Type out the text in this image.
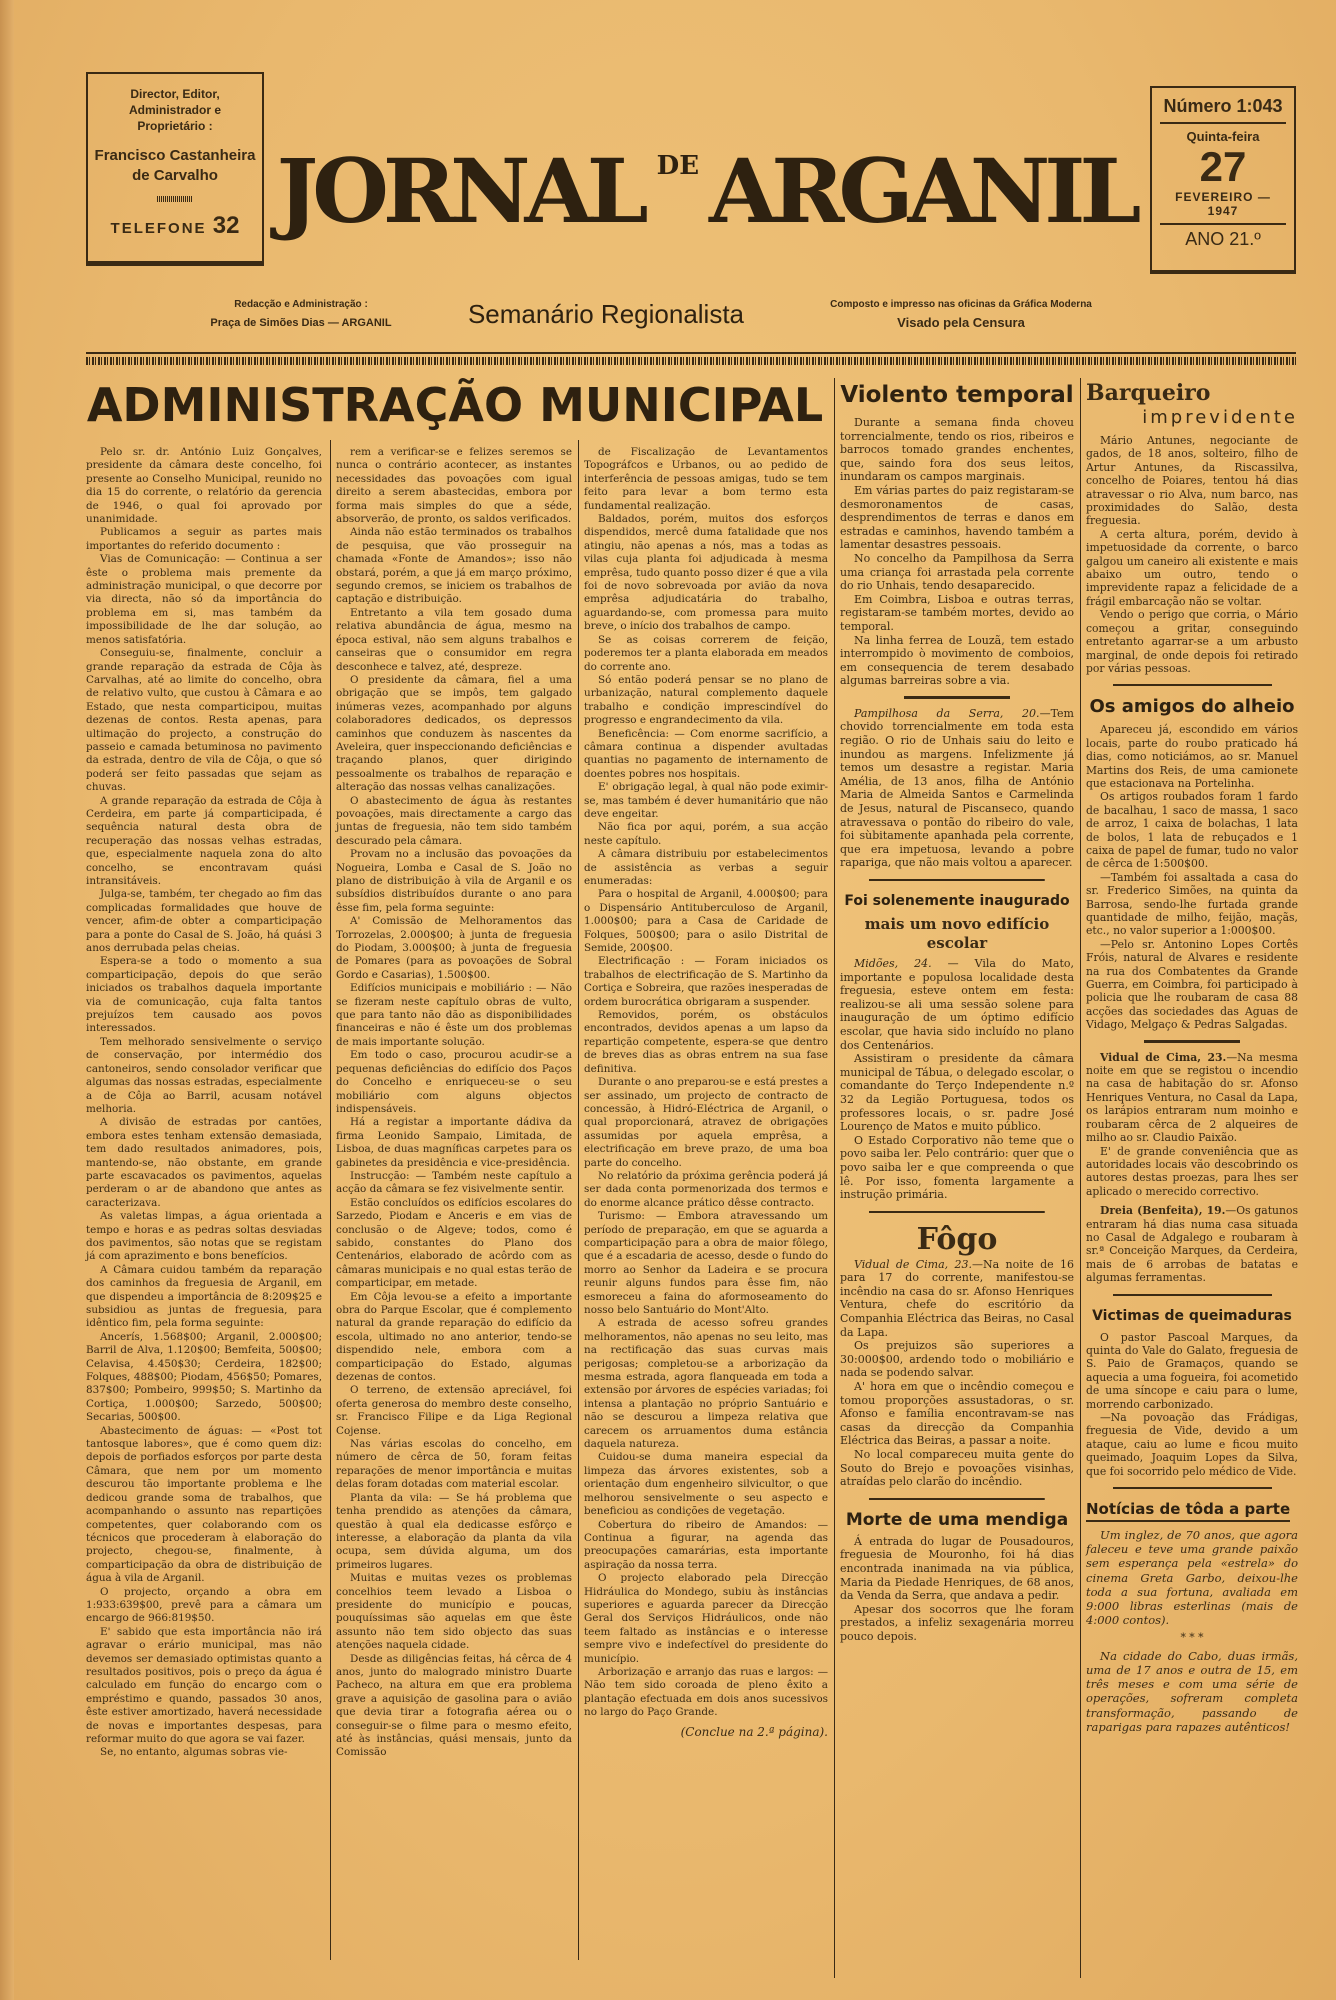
Director, Editor, Administrador e Proprietário :
Francisco Castanheira de Carvalho
TELEFONE 32 JORNAL DE ARGANIL
Número 1:043
Quinta-feira
27
FEVEREIRO — 1947
ANO 21.º
Redacção e Administração :
Praça de Simões Dias — ARGANIL	Semanário Regionalista	Composto e impresso nas oficinas da Gráfica Moderna
Visado pela Censura
ADMINISTRAÇÃO MUNICIPAL

Pelo sr. dr. António Luiz Gonçalves, presidente da câmara deste concelho, foi presente ao Conselho Municipal, reunido no dia 15 do corrente, o relatório da gerencia de 1946, o qual foi aprovado por unanimidade.

Publicamos a seguir as partes mais importantes do referido documento :

Vias de Comunicação: — Continua a ser êste o problema mais premente da administração municipal, o que decorre por via directa, não só da importância do problema em si, mas também da impossibilidade de lhe dar solução, ao menos satisfatória.

Conseguiu-se, finalmente, concluir a grande reparação da estrada de Côja às Carvalhas, até ao limite do concelho, obra de relativo vulto, que custou à Câmara e ao Estado, que nesta comparticipou, muitas dezenas de contos. Resta apenas, para ultimação do projecto, a construção do passeio e camada betuminosa no pavimento da estrada, dentro de vila de Côja, o que só poderá ser feito passadas que sejam as chuvas.

A grande reparação da estrada de Côja à Cerdeira, em parte já comparticipada, é sequência natural desta obra de recuperação das nossas velhas estradas, que, especialmente naquela zona do alto concelho, se encontravam quási intransitáveis.

Julga-se, também, ter chegado ao fim das complicadas formalidades que houve de vencer, afim-de obter a comparticipação para a ponte do Casal de S. João, há quási 3 anos derrubada pelas cheias.

Espera-se a todo o momento a sua comparticipação, depois do que serão iniciados os trabalhos daquela importante via de comunicação, cuja falta tantos prejuízos tem causado aos povos interessados.

Tem melhorado sensivelmente o serviço de conservação, por intermédio dos cantoneiros, sendo consolador verificar que algumas das nossas estradas, especialmente a de Côja ao Barril, acusam notável melhoria.

A divisão de estradas por cantões, embora estes tenham extensão demasiada, tem dado resultados animadores, pois, mantendo-se, não obstante, em grande parte escavacados os pavimentos, aquelas perderam o ar de abandono que antes as caracterizava.

As valetas limpas, a água orientada a tempo e horas e as pedras soltas desviadas dos pavimentos, são notas que se registam já com aprazimento e bons benefícios.

A Câmara cuidou também da reparação dos caminhos da freguesia de Arganil, em que dispendeu a importância de 8:209$25 e subsidiou as juntas de freguesia, para idêntico fim, pela forma seguinte:

Ancerís, 1.568$00; Arganil, 2.000$00; Barril de Alva, 1.120$00; Bemfeita, 500$00; Celavisa, 4.450$30; Cerdeira, 182$00; Folques, 488$00; Piodam, 456$50; Pomares, 837$00; Pombeiro, 999$50; S. Martinho da Cortiça, 1.000$00; Sarzedo, 500$00; Secarias, 500$00.

Abastecimento de águas: — «Post tot tantosque labores», que é como quem diz: depois de porfiados esforços por parte desta Câmara, que nem por um momento descurou tão importante problema e lhe dedicou grande soma de trabalhos, que acompanhando o assunto nas repartições competentes, quer colaborando com os técnicos que procederam à elaboração do projecto, chegou-se, finalmente, à comparticipação da obra de distribuição de água à vila de Arganil.

O projecto, orçando a obra em 1:933:639$00, prevê para a câmara um encargo de 966:819$50.

E' sabido que esta importância não irá agravar o erário municipal, mas não devemos ser demasiado optimistas quanto a resultados positivos, pois o preço da água é calculado em função do encargo com o empréstimo e quando, passados 30 anos, êste estiver amortizado, haverá necessidade de novas e importantes despesas, para reformar muito do que agora se vai fazer.

Se, no entanto, algumas sobras vie-

rem a verificar-se e felizes seremos se nunca o contrário acontecer, as instantes necessidades das povoações com igual direito a serem abastecidas, embora por forma mais simples do que a séde, absorverão, de pronto, os saldos verificados.

Ainda não estão terminados os trabalhos de pesquisa, que vão prosseguir na chamada «Fonte de Amandos»; isso não obstará, porém, a que já em março próximo, segundo cremos, se iniciem os trabalhos de captação e distribuição.

Entretanto a vila tem gosado duma relativa abundância de água, mesmo na época estival, não sem alguns trabalhos e canseiras que o consumidor em regra desconhece e talvez, até, despreze.

O presidente da câmara, fiel a uma obrigação que se impôs, tem galgado inúmeras vezes, acompanhado por alguns colaboradores dedicados, os depressos caminhos que conduzem às nascentes da Aveleira, quer inspeccionando deficiências e traçando planos, quer dirigindo pessoalmente os trabalhos de reparação e alteração das nossas velhas canalizações.

O abastecimento de água às restantes povoações, mais directamente a cargo das juntas de freguesia, não tem sido também descurado pela câmara.

Provam no a inclusão das povoações da Nogueira, Lomba e Casal de S. João no plano de distribuição à vila de Arganil e os subsídios distribuídos durante o ano para êsse fim, pela forma seguinte:

A' Comissão de Melhoramentos das Torrozelas, 2.000$00; à junta de freguesia do Piodam, 3.000$00; à junta de freguesia de Pomares (para as povoações de Sobral Gordo e Casarias), 1.500$00.

Edifícios municipais e mobiliário : — Não se fizeram neste capítulo obras de vulto, que para tanto não dão as disponibilidades financeiras e não é êste um dos problemas de mais importante solução.

Em todo o caso, procurou acudir-se a pequenas deficiências do edifício dos Paços do Concelho e enriqueceu-se o seu mobiliário com alguns objectos indispensáveis.

Há a registar a importante dádiva da firma Leonido Sampaio, Limitada, de Lisboa, de duas magníficas carpetes para os gabinetes da presidência e vice-presidência.

Instrucção: — Também neste capítulo a acção da câmara se fez visivelmente sentir.

Estão concluídos os edifícios escolares do Sarzedo, Piodam e Anceris e em vias de conclusão o de Algeve; todos, como é sabido, constantes do Plano dos Centenários, elaborado de acôrdo com as câmaras municipais e no qual estas terão de comparticipar, em metade.

Em Côja levou-se a efeito a importante obra do Parque Escolar, que é complemento natural da grande reparação do edifício da escola, ultimado no ano anterior, tendo-se dispendido nele, embora com a comparticipação do Estado, algumas dezenas de contos.

O terreno, de extensão apreciável, foi oferta generosa do membro deste conselho, sr. Francisco Filipe e da Liga Regional Cojense.

Nas várias escolas do concelho, em número de cêrca de 50, foram feitas reparações de menor importância e muitas delas foram dotadas com material escolar.

Planta da vila: — Se há problema que tenha prendido as atenções da câmara, questão à qual ela dedicasse esfôrço e interesse, a elaboração da planta da vila ocupa, sem dúvida alguma, um dos primeiros lugares.

Muitas e muitas vezes os problemas concelhios teem levado a Lisboa o presidente do município e poucas, pouquíssimas são aquelas em que êste assunto não tem sido objecto das suas atenções naquela cidade.

Desde as diligências feitas, há cêrca de 4 anos, junto do malogrado ministro Duarte Pacheco, na altura em que era problema grave a aquisição de gasolina para o avião que devia tirar a fotografia aérea ou o conseguir-se o filme para o mesmo efeito, até às instâncias, quási mensais, junto da Comissão

de Fiscalização de Levantamentos Topográfcos e Urbanos, ou ao pedido de interferência de pessoas amigas, tudo se tem feito para levar a bom termo esta fundamental realização.

Baldados, porém, muitos dos esforços dispendidos, mercê duma fatalidade que nos atingiu, não apenas a nós, mas a todas as vilas cuja planta foi adjudicada à mesma emprêsa, tudo quanto posso dizer é que a vila foi de novo sobrevoada por avião da nova emprêsa adjudicatária do trabalho, aguardando-se, com promessa para muito breve, o início dos trabalhos de campo.

Se as coisas correrem de feição, poderemos ter a planta elaborada em meados do corrente ano.

Só então poderá pensar se no plano de urbanização, natural complemento daquele trabalho e condição imprescindível do progresso e engrandecimento da vila.

Beneficência: — Com enorme sacrifício, a câmara continua a dispender avultadas quantias no pagamento de internamento de doentes pobres nos hospitais.

E' obrigação legal, à qual não pode eximir-se, mas também é dever humanitário que não deve engeitar.

Não fica por aqui, porém, a sua acção neste capítulo.

A câmara distribuiu por estabelecimentos de assistência as verbas a seguir enumeradas:

Para o hospital de Arganil, 4.000$00; para o Dispensário Antituberculoso de Arganil, 1.000$00; para a Casa de Caridade de Folques, 500$00; para o asilo Distrital de Semide, 200$00.

Electrificação : — Foram iniciados os trabalhos de electrificação de S. Martinho da Cortiça e Sobreira, que razões inesperadas de ordem burocrática obrigaram a suspender.

Removidos, porém, os obstáculos encontrados, devidos apenas a um lapso da repartição competente, espera-se que dentro de breves dias as obras entrem na sua fase definitiva.

Durante o ano preparou-se e está prestes a ser assinado, um projecto de contracto de concessão, à Hidró-Eléctrica de Arganil, o qual proporcionará, atravez de obrigações assumidas por aquela emprêsa, a electrificação em breve prazo, de uma boa parte do concelho.

No relatório da próxima gerência poderá já ser dada conta pormenorizada dos termos e do enorme alcance prático dêsse contracto.

Turismo: — Embora atravessando um período de preparação, em que se aguarda a comparticipação para a obra de maior fôlego, que é a escadaria de acesso, desde o fundo do morro ao Senhor da Ladeira e se procura reunir alguns fundos para êsse fim, não esmoreceu a faina do aformoseamento do nosso belo Santuário do Mont'Alto.

A estrada de acesso sofreu grandes melhoramentos, não apenas no seu leito, mas na rectificação das suas curvas mais perigosas; completou-se a arborização da mesma estrada, agora flanqueada em toda a extensão por árvores de espécies variadas; foi intensa a plantação no próprio Santuário e não se descurou a limpeza relativa que carecem os arruamentos duma estância daquela natureza.

Cuidou-se duma maneira especial da limpeza das árvores existentes, sob a orientação dum engenheiro silvicultor, o que melhorou sensivelmente o seu aspecto e beneficiou as condições de vegetação.

Cobertura do ribeiro de Amandos: — Continua a figurar, na agenda das preocupações camarárias, esta importante aspiração da nossa terra.

O projecto elaborado pela Direcção Hidráulica do Mondego, subiu às instâncias superiores e aguarda parecer da Direcção Geral dos Serviços Hidráulicos, onde não teem faltado as instâncias e o interesse sempre vivo e indefectível do presidente do município.

Arborização e arranjo das ruas e largos: — Não tem sido coroada de pleno êxito a plantação efectuada em dois anos sucessivos no largo do Paço Grande.

(Conclue na 2.ª página).
Violento temporal

Durante a semana finda choveu torrencialmente, tendo os rios, ribeiros e barrocos tomado grandes enchentes, que, saindo fora dos seus leitos, inundaram os campos marginais.

Em várias partes do paiz registaram-se desmoronamentos de casas, desprendimentos de terras e danos em estradas e caminhos, havendo também a lamentar desastres pessoais.

No concelho da Pampilhosa da Serra uma criança foi arrastada pela corrente do rio Unhais, tendo desaparecido.

Em Coimbra, Lisboa e outras terras, registaram-se também mortes, devido ao temporal.

Na linha ferrea de Louzã, tem estado interrompido ò movimento de comboios, em consequencia de terem desabado algumas barreiras sobre a via.

Pampilhosa da Serra, 20.—Tem chovido torrencialmente em toda esta região. O rio de Unhais saiu do leito e inundou as margens. Infelizmente já temos um desastre a registar. Maria Amélia, de 13 anos, filha de António Maria de Almeida Santos e Carmelinda de Jesus, natural de Piscanseco, quando atravessava o pontão do ribeiro do vale, foi sùbitamente apanhada pela corrente, que era impetuosa, levando a pobre rapariga, que não mais voltou a aparecer.

Foi solenemente inaugurado
mais um novo edifício escolar

Midões, 24. — Vila do Mato, importante e populosa localidade desta freguesia, esteve ontem em festa: realizou-se ali uma sessão solene para inauguração de um óptimo edifício escolar, que havia sido incluído no plano dos Centenários.

Assistiram o presidente da câmara municipal de Tábua, o delegado escolar, o comandante do Terço Independente n.º 32 da Legião Portuguesa, todos os professores locais, o sr. padre José Lourenço de Matos e muito público.

O Estado Corporativo não teme que o povo saiba ler. Pelo contrário: quer que o povo saiba ler e que compreenda o que lê. Por isso, fomenta largamente a instrução primária.

Fôgo

Vidual de Cima, 23.—Na noite de 16 para 17 do corrente, manifestou-se incêndio na casa do sr. Afonso Henriques Ventura, chefe do escritório da Companhia Eléctrica das Beiras, no Casal da Lapa.

Os prejuizos são superiores a 30:000$00, ardendo todo o mobiliário e nada se podendo salvar.

A' hora em que o incêndio começou e tomou proporções assustadoras, o sr. Afonso e família encontravam-se nas casas da direcção da Companhia Eléctrica das Beiras, a passar a noite.

No local compareceu muita gente do Souto do Brejo e povoações visinhas, atraídas pelo clarão do incêndio.

Morte de uma mendiga

Á entrada do lugar de Pousadouros, freguesia de Mouronho, foi há dias encontrada inanimada na via pública, Maria da Piedade Henriques, de 68 anos, da Venda da Serra, que andava a pedir.

Apesar dos socorros que lhe foram prestados, a infeliz sexagenária morreu pouco depois.

Barqueiro
imprevidente

Mário Antunes, negociante de gados, de 18 anos, solteiro, filho de Artur Antunes, da Riscassilva, concelho de Poiares, tentou há dias atravessar o rio Alva, num barco, nas proximidades do Salão, desta freguesia.

A certa altura, porém, devido à impetuosidade da corrente, o barco galgou um caneiro ali existente e mais abaixo um outro, tendo o imprevidente rapaz a felicidade de a frágil embarcação não se voltar.

Vendo o perigo que corria, o Mário começou a gritar, conseguindo entretanto agarrar-se a um arbusto marginal, de onde depois foi retirado por várias pessoas.

Os amigos do alheio

Apareceu já, escondido em vários locais, parte do roubo praticado há dias, como noticiámos, ao sr. Manuel Martins dos Reis, de uma camionete que estacionava na Portelinha.

Os artigos roubados foram 1 fardo de bacalhau, 1 saco de massa, 1 saco de arroz, 1 caixa de bolachas, 1 lata de bolos, 1 lata de rebuçados e 1 caixa de papel de fumar, tudo no valor de cêrca de 1:500$00.

—Também foi assaltada a casa do sr. Frederico Simões, na quinta da Barrosa, sendo-lhe furtada grande quantidade de milho, feijão, maçãs, etc., no valor superior a 1:000$00.

—Pelo sr. Antonino Lopes Cortês Fróis, natural de Alvares e residente na rua dos Combatentes da Grande Guerra, em Coimbra, foi participado à policia que lhe roubaram de casa 88 acções das sociedades das Aguas de Vidago, Melgaço & Pedras Salgadas.

Vidual de Cima, 23.—Na mesma noite em que se registou o incendio na casa de habitação do sr. Afonso Henriques Ventura, no Casal da Lapa, os larápios entraram num moinho e roubaram cêrca de 2 alqueires de milho ao sr. Claudio Paixão.

E' de grande conveniência que as autoridades locais vão descobrindo os autores destas proezas, para lhes ser aplicado o merecido correctivo.

Dreia (Benfeita), 19.—Os gatunos entraram há dias numa casa situada no Casal de Adgalego e roubaram à sr.ª Conceição Marques, da Cerdeira, mais de 6 arrobas de batatas e algumas ferramentas.

Victimas de queimaduras

O pastor Pascoal Marques, da quinta do Vale do Galato, freguesia de S. Paio de Gramaços, quando se aquecia a uma fogueira, foi acometido de uma síncope e caiu para o lume, morrendo carbonizado.

—Na povoação das Frádigas, freguesia de Vide, devido a um ataque, caiu ao lume e ficou muito queimado, Joaquim Lopes da Silva, que foi socorrido pelo médico de Vide.

Notícias de tôda a parte

Um inglez, de 70 anos, que agora faleceu e teve uma grande paixão sem esperança pela «estrela» do cinema Greta Garbo, deixou-lhe toda a sua fortuna, avaliada em 9:000 libras esterlinas (mais de 4:000 contos).

* * *

Na cidade do Cabo, duas irmãs, uma de 17 anos e outra de 15, em três meses e com uma série de operações, sofreram completa transformação, passando de raparigas para rapazes autênticos!
